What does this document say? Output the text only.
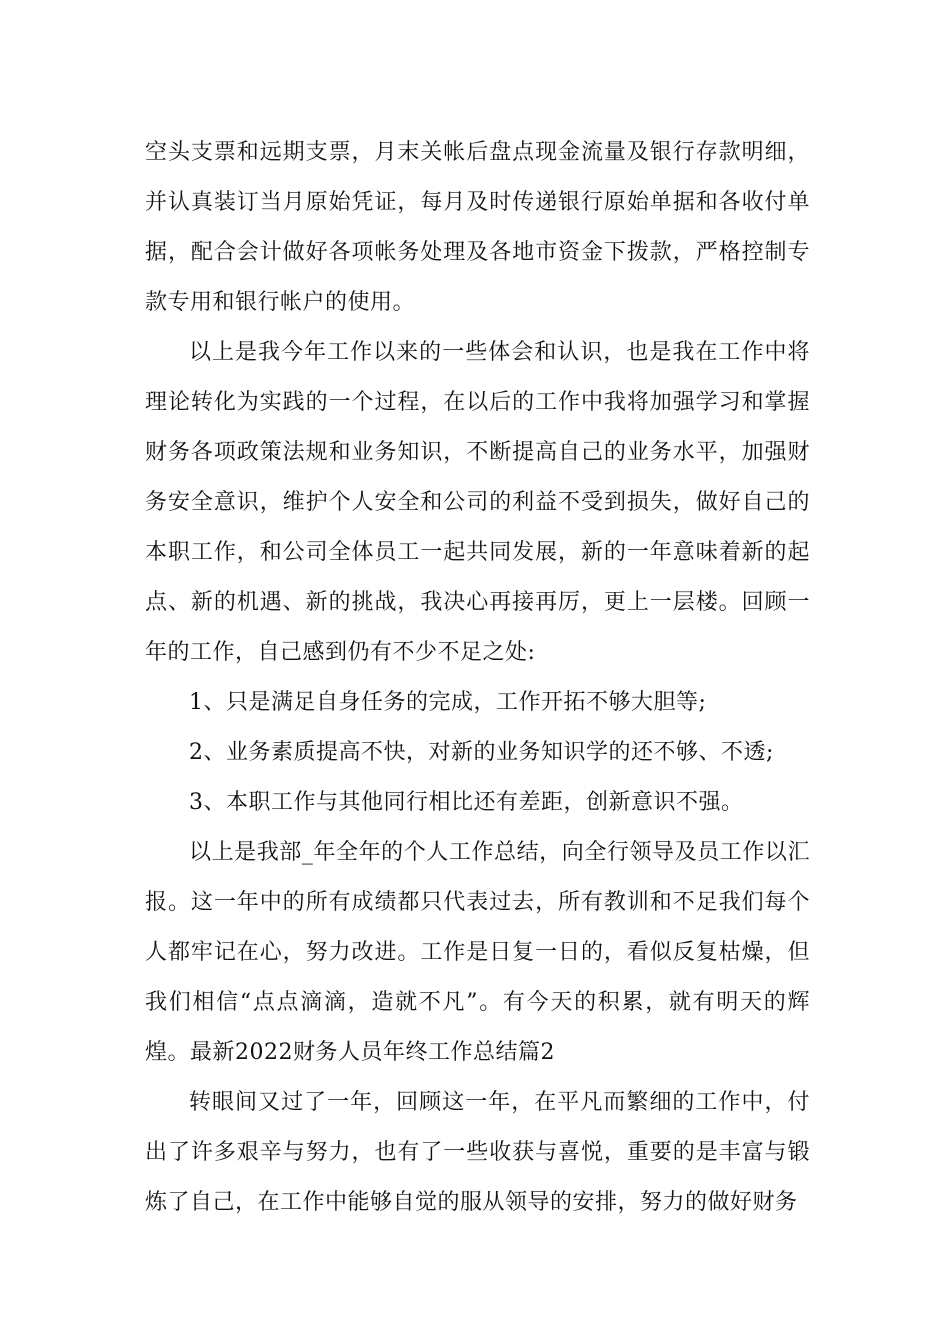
空头支票和远期支票，月末关帐后盘点现金流量及银行存款明细，并认真装订当月原始凭证，每月及时传递银行原始单据和各收付单据，配合会计做好各项帐务处理及各地市资金下拨款，严格控制专款专用和银行帐户的使用。

以上是我今年工作以来的一些体会和认识，也是我在工作中将理论转化为实践的一个过程，在以后的工作中我将加强学习和掌握财务各项政策法规和业务知识，不断提高自己的业务水平，加强财务安全意识，维护个人安全和公司的利益不受到损失，做好自己的本职工作，和公司全体员工一起共同发展，新的一年意味着新的起点、新的机遇、新的挑战，我决心再接再厉，更上一层楼。回顾一年的工作，自己感到仍有不少不足之处:

1、只是满足自身任务的完成，工作开拓不够大胆等;

2、业务素质提高不快，对新的业务知识学的还不够、不透;

3、本职工作与其他同行相比还有差距，创新意识不强。

以上是我部_年全年的个人工作总结，向全行领导及员工作以汇报。这一年中的所有成绩都只代表过去，所有教训和不足我们每个人都牢记在心，努力改进。工作是日复一日的，看似反复枯燥，但我们相信“点点滴滴，造就不凡”。有今天的积累，就有明天的辉煌。最新2022财务人员年终工作总结篇2

转眼间又过了一年，回顾这一年，在平凡而繁细的工作中，付出了许多艰辛与努力，也有了一些收获与喜悦，重要的是丰富与锻炼了自己，在工作中能够自觉的服从领导的安排，努力的做好财务
